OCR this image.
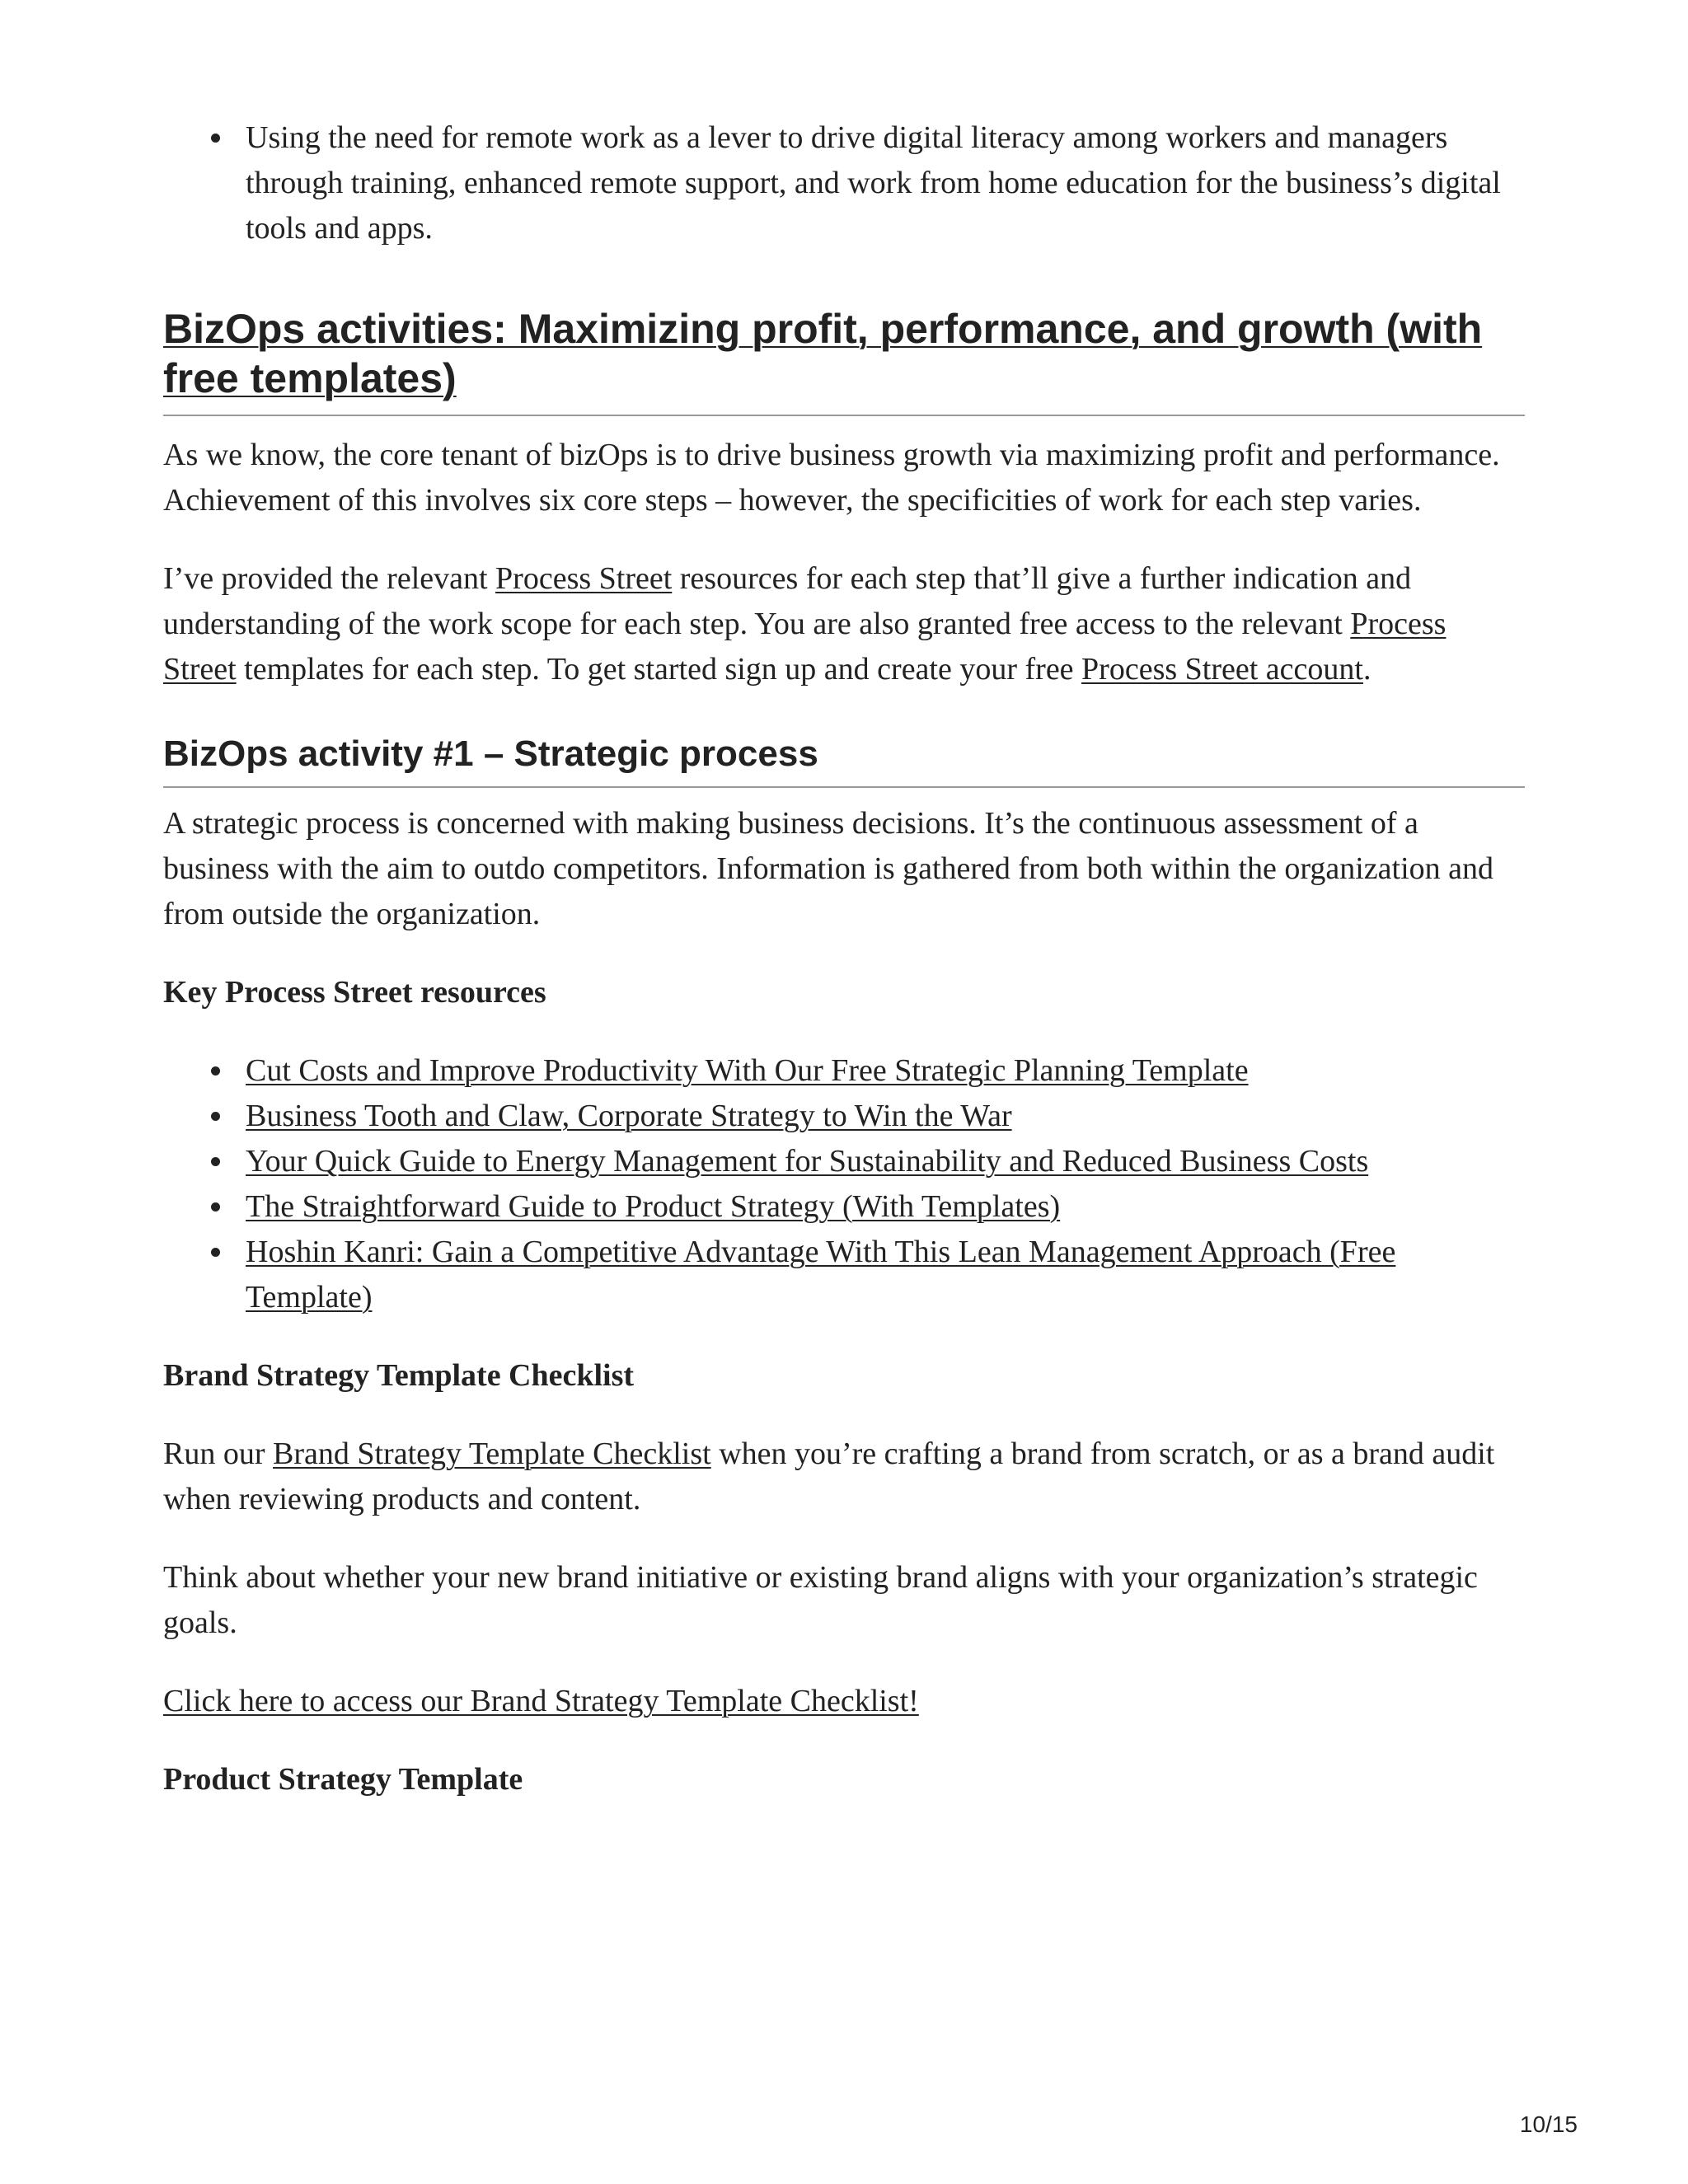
Using the need for remote work as a lever to drive digital literacy among workers and managers through training, enhanced remote support, and work from home education for the business’s digital tools and apps.
BizOps activities: Maximizing profit, performance, and growth (with free templates)

As we know, the core tenant of bizOps is to drive business growth via maximizing profit and performance. Achievement of this involves six core steps – however, the specificities of work for each step varies.

I’ve provided the relevant Process Street resources for each step that’ll give a further indication and understanding of the work scope for each step. You are also granted free access to the relevant Process Street templates for each step. To get started sign up and create your free Process Street account.

BizOps activity #1 – Strategic process

A strategic process is concerned with making business decisions. It’s the continuous assessment of a business with the aim to outdo competitors. Information is gathered from both within the organization and from outside the organization.

Key Process Street resources

Cut Costs and Improve Productivity With Our Free Strategic Planning Template
Business Tooth and Claw, Corporate Strategy to Win the War
Your Quick Guide to Energy Management for Sustainability and Reduced Business Costs
The Straightforward Guide to Product Strategy (With Templates)
Hoshin Kanri: Gain a Competitive Advantage With This Lean Management Approach (Free Template)

Brand Strategy Template Checklist

Run our Brand Strategy Template Checklist when you’re crafting a brand from scratch, or as a brand audit when reviewing products and content.

Think about whether your new brand initiative or existing brand aligns with your organization’s strategic goals.

Click here to access our Brand Strategy Template Checklist!

Product Strategy Template

10/15
